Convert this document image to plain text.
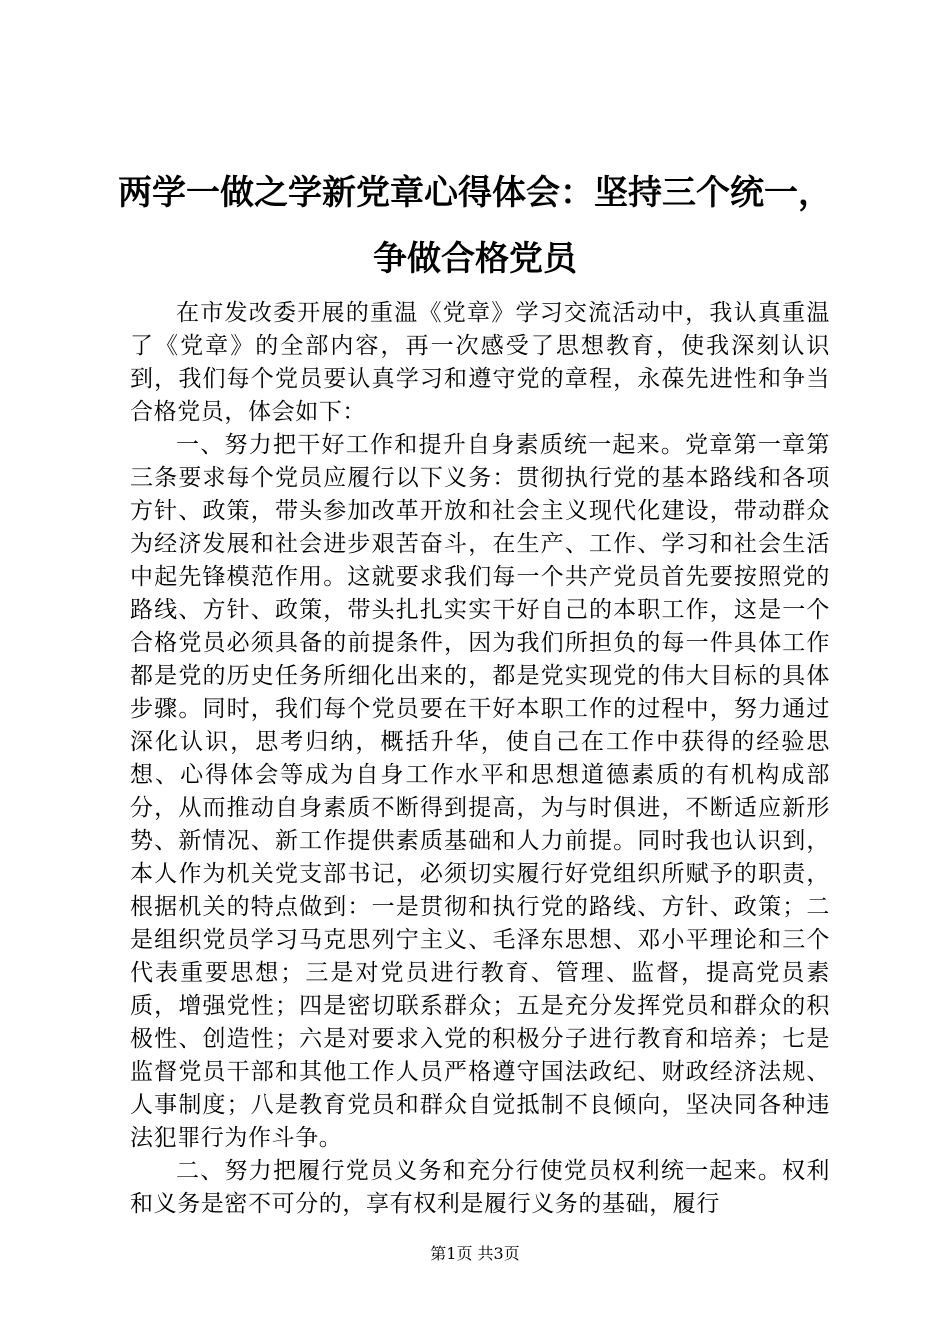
两学一做之学新党章心得体会：坚持三个统一，
争做合格党员

在市发改委开展的重温《党章》学习交流活动中，我认真重温了《党章》的全部内容，再一次感受了思想教育，使我深刻认识到，我们每个党员要认真学习和遵守党的章程，永葆先进性和争当合格党员，体会如下：

一、努力把干好工作和提升自身素质统一起来。党章第一章第三条要求每个党员应履行以下义务：贯彻执行党的基本路线和各项方针、政策，带头参加改革开放和社会主义现代化建设，带动群众为经济发展和社会进步艰苦奋斗，在生产、工作、学习和社会生活中起先锋模范作用。这就要求我们每一个共产党员首先要按照党的路线、方针、政策，带头扎扎实实干好自己的本职工作，这是一个合格党员必须具备的前提条件，因为我们所担负的每一件具体工作都是党的历史任务所细化出来的，都是党实现党的伟大目标的具体步骤。同时，我们每个党员要在干好本职工作的过程中，努力通过深化认识，思考归纳，概括升华，使自己在工作中获得的经验思想、心得体会等成为自身工作水平和思想道德素质的有机构成部分，从而推动自身素质不断得到提高，为与时俱进，不断适应新形势、新情况、新工作提供素质基础和人力前提。同时我也认识到，本人作为机关党支部书记，必须切实履行好党组织所赋予的职责，根据机关的特点做到：一是贯彻和执行党的路线、方针、政策；二是组织党员学习马克思列宁主义、毛泽东思想、邓小平理论和三个代表重要思想；三是对党员进行教育、管理、监督，提高党员素质，增强党性；四是密切联系群众；五是充分发挥党员和群众的积极性、创造性；六是对要求入党的积极分子进行教育和培养；七是监督党员干部和其他工作人员严格遵守国法政纪、财政经济法规、人事制度；八是教育党员和群众自觉抵制不良倾向，坚决同各种违法犯罪行为作斗争。

二、努力把履行党员义务和充分行使党员权利统一起来。权利和义务是密不可分的，享有权利是履行义务的基础，履行

第1页 共3页
